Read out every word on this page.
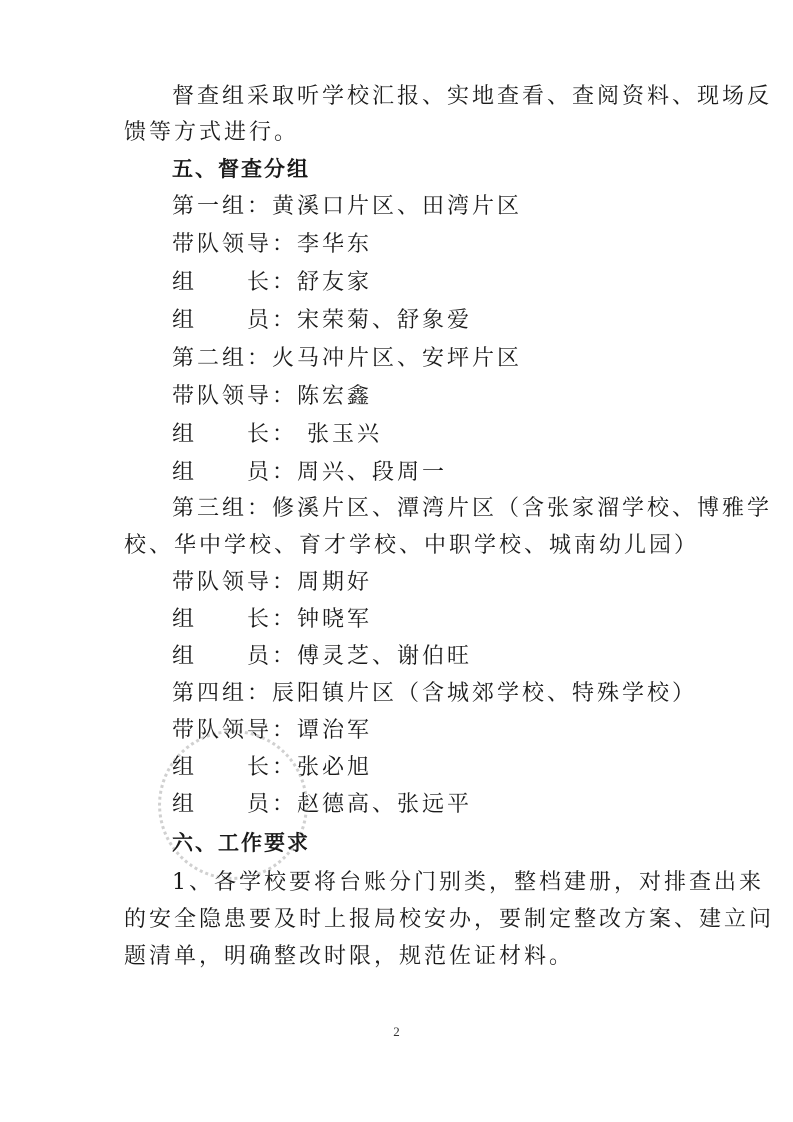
督查组采取听学校汇报、实地查看、查阅资料、现场反
馈等方式进行。
五、督查分组
第一组：黄溪口片区、田湾片区
带队领导：李华东
组　　长：舒友家
组　　员：宋荣菊、舒象爱
第二组：火马冲片区、安坪片区
带队领导：陈宏鑫
组　　长： 张玉兴
组　　员：周兴、段周一
第三组：修溪片区、潭湾片区（含张家溜学校、博雅学
校、华中学校、育才学校、中职学校、城南幼儿园）
带队领导：周期好
组　　长：钟晓军
组　　员：傅灵芝、谢伯旺
第四组：辰阳镇片区（含城郊学校、特殊学校）
带队领导：谭治军
组　　长：张必旭
组　　员：赵德高、张远平
六、工作要求
1、各学校要将台账分门别类，整档建册，对排查出来
的安全隐患要及时上报局校安办，要制定整改方案、建立问
题清单，明确整改时限，规范佐证材料。
2
